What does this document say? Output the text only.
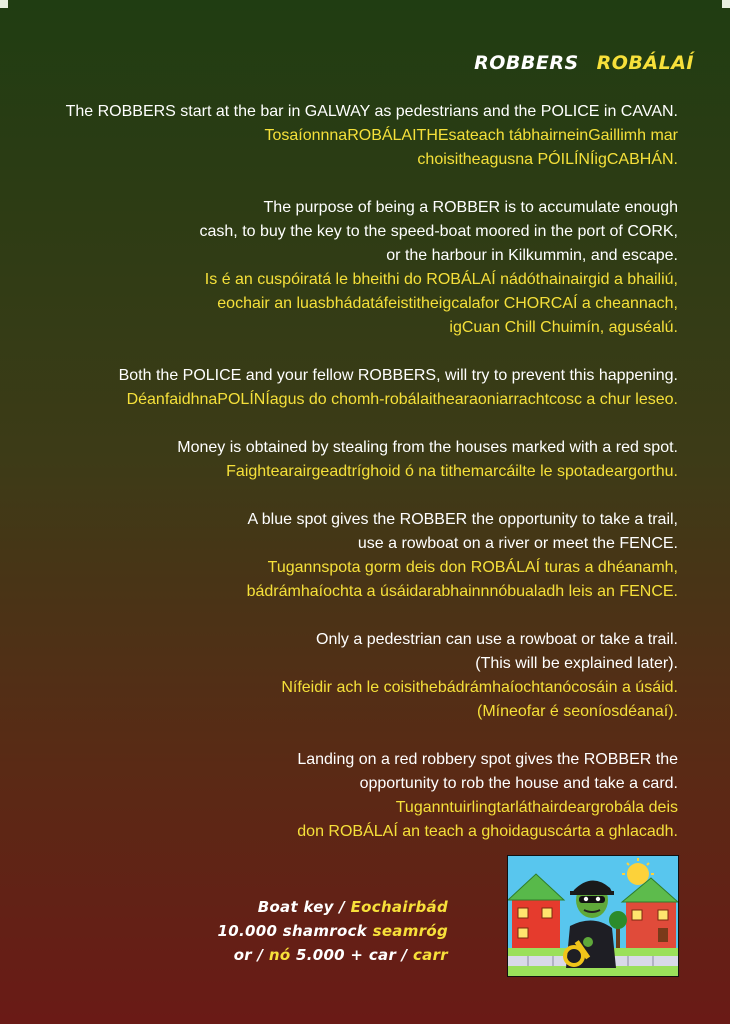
ROBBERS ROBÁLAÍ
The ROBBERS start at the bar in GALWAY as pedestrians and the POLICE in CAVAN.
TosaíonnnaROBÁLAITHEsateach tábhairneinGaillimh mar
choisitheagusna PÓILÍNÍigCABHÁN.
The purpose of being a ROBBER is to accumulate enough
cash, to buy the key to the speed-boat moored in the port of CORK,
or the harbour in Kilkummin, and escape.
Is é an cuspóiratá le bheithi do ROBÁLAÍ nádóthainairgid a bhailiú,
eochair an luasbhádatáfeistitheigcalafor CHORCAÍ a cheannach,
igCuan Chill Chuimín, aguséalú.
Both the POLICE and your fellow ROBBERS, will try to prevent this happening.
DéanfaidhnaPOLÍNÍagus do chomh-robálaithearaoniarrachtcosc a chur leseo.
Money is obtained by stealing from the houses marked with a red spot.
Faightearairgeadtríghoid ó na tithemarcáilte le spotadeargorthu.
A blue spot gives the ROBBER the opportunity to take a trail,
use a rowboat on a river or meet the FENCE.
Tugannspota gorm deis don ROBÁLAÍ turas a dhéanamh,
bádrámhaíochta a úsáidarabhainnnóbualadh leis an FENCE.
Only a pedestrian can use a rowboat or take a trail.
(This will be explained later).
Nífeidir ach le coisithebádrámhaíochtanócosáin a úsáid.
(Míneofar é seoníosdéanaí).
Landing on a red robbery spot gives the ROBBER the
opportunity to rob the house and take a card.
Tuganntuirlingtarláthairdeargrobála deis
don ROBÁLAÍ an teach a ghoidaguscárta a ghlacadh.
Boat key / Eochairbád
10.000 shamrock seamróg
or / nó 5.000 + car / carr
